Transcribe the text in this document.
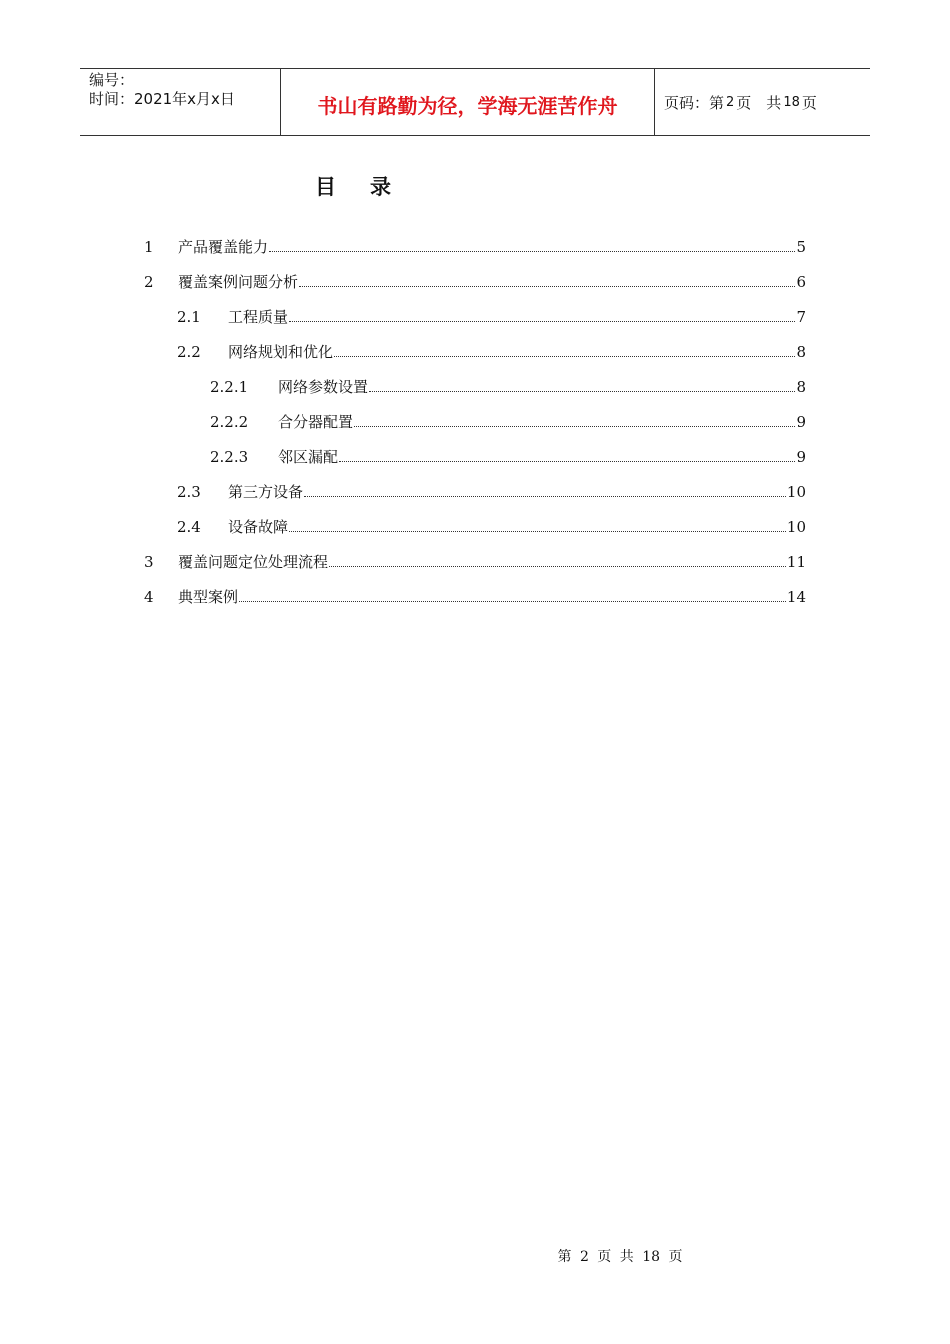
编号：
时间：2021年x月x日	书山有路勤为径，学海无涯苦作舟	页码：第 2 页　共 18 页
目录
1	产品覆盖能力	5
2	覆盖案例问题分析	6
2.1	工程质量	7
2.2	网络规划和优化	8
2.2.1	网络参数设置	8
2.2.2	合分器配置	9
2.2.3	邻区漏配	9
2.3	第三方设备	10
2.4	设备故障	10
3	覆盖问题定位处理流程	11
4	典型案例	14
第 2 页 共 18 页
